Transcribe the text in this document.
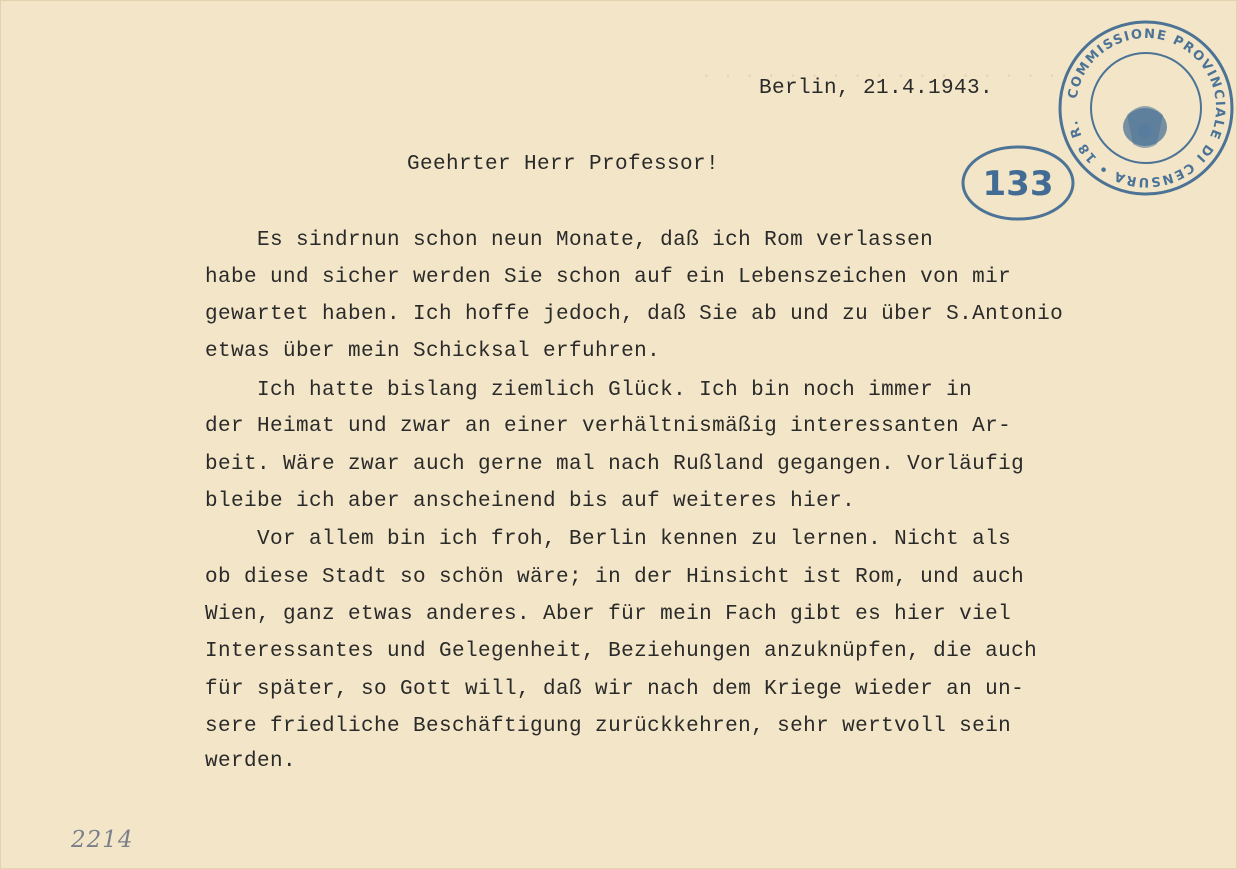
. . . . . . . . . . . . . . . . .
Berlin, 21.4.1943.
Geehrter Herr Professor!
Es sindrnun schon neun Monate, daß ich Rom verlassen
habe und sicher werden Sie schon auf ein Lebenszeichen von mir
gewartet haben. Ich hoffe jedoch, daß Sie ab und zu über S.Antonio
etwas über mein Schicksal erfuhren.
Ich hatte bislang ziemlich Glück. Ich bin noch immer in
der Heimat und zwar an einer verhältnismäßig interessanten Ar-
beit. Wäre zwar auch gerne mal nach Rußland gegangen. Vorläufig
bleibe ich aber anscheinend bis auf weiteres hier.
Vor allem bin ich froh, Berlin kennen zu lernen. Nicht als
ob diese Stadt so schön wäre; in der Hinsicht ist Rom, und auch
Wien, ganz etwas anderes. Aber für mein Fach gibt es hier viel
Interessantes und Gelegenheit, Beziehungen anzuknüpfen, die auch
für später, so Gott will, daß wir nach dem Kriege wieder an un-
sere friedliche Beschäftigung zurückkehren, sehr wertvoll sein
werden.
COMMISSIONE PROVINCIALE DI CENSURA • 18 R.
133
2214
